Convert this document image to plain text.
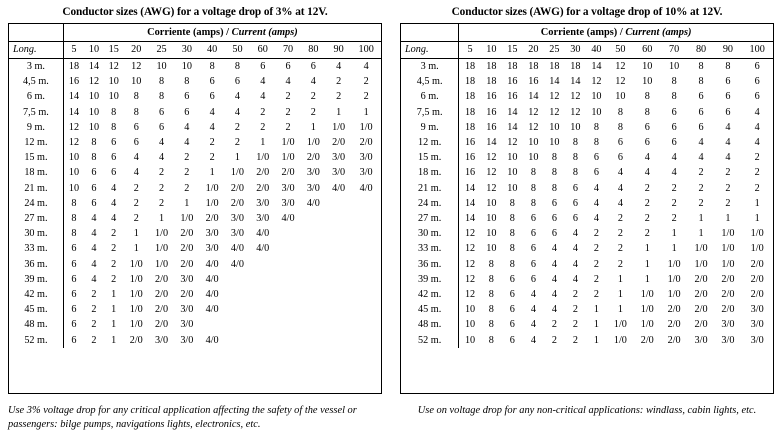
Conductor sizes (AWG) for a voltage drop of 3% at 12V.
	Corriente (amps) / Current (amps)												
Long.	5	10	15	20	25	30	40	50	60	70	80	90	100
3 m.	18	14	12	12	10	10	8	8	6	6	6	4	4
4,5 m.	16	12	10	10	8	8	6	6	4	4	4	2	2
6 m.	14	10	10	8	8	6	6	4	4	2	2	2	2
7,5 m.	14	10	8	8	6	6	4	4	2	2	2	1	1
9 m.	12	10	8	6	6	4	4	2	2	2	1	1/0	1/0
12 m.	12	8	6	6	4	4	2	2	1	1/0	1/0	2/0	2/0
15 m.	10	8	6	4	4	2	2	1	1/0	1/0	2/0	3/0	3/0
18 m.	10	6	6	4	2	2	1	1/0	2/0	2/0	3/0	3/0	3/0
21 m.	10	6	4	2	2	2	1/0	2/0	2/0	3/0	3/0	4/0	4/0
24 m.	8	6	4	2	2	1	1/0	2/0	3/0	3/0	4/0		
27 m.	8	4	4	2	1	1/0	2/0	3/0	3/0	4/0			
30 m.	8	4	2	1	1/0	2/0	3/0	3/0	4/0				
33 m.	6	4	2	1	1/0	2/0	3/0	4/0	4/0				
36 m.	6	4	2	1/0	1/0	2/0	4/0	4/0					
39 m.	6	4	2	1/0	2/0	3/0	4/0						
42 m.	6	2	1	1/0	2/0	2/0	4/0						
45 m.	6	2	1	1/0	2/0	3/0	4/0						
48 m.	6	2	1	1/0	2/0	3/0							
52 m.	6	2	1	2/0	3/0	3/0	4/0						
Use 3% voltage drop for any critical application affecting the safety of the vessel or passengers: bilge pumps, navigations lights, electronics, etc.
Conductor sizes (AWG) for a voltage drop of 10% at 12V.
	Corriente (amps) / Current (amps)												
Long.	5	10	15	20	25	30	40	50	60	70	80	90	100
3 m.	18	18	18	18	18	18	14	12	10	10	8	8	6
4,5 m.	18	18	16	16	14	14	12	12	10	8	8	6	6
6 m.	18	16	16	14	12	12	10	10	8	8	6	6	6
7,5 m.	18	16	14	12	12	12	10	8	8	6	6	6	4
9 m.	18	16	14	12	10	10	8	8	6	6	6	4	4
12 m.	16	14	12	10	10	8	8	6	6	6	4	4	4
15 m.	16	12	10	10	8	8	6	6	4	4	4	4	2
18 m.	16	12	10	8	8	8	6	4	4	4	2	2	2
21 m.	14	12	10	8	8	6	4	4	2	2	2	2	2
24 m.	14	10	8	8	6	6	4	4	2	2	2	2	1
27 m.	14	10	8	6	6	6	4	2	2	2	1	1	1
30 m.	12	10	8	6	6	4	2	2	2	1	1	1/0	1/0
33 m.	12	10	8	6	4	4	2	2	1	1	1/0	1/0	1/0
36 m.	12	8	8	6	4	4	2	2	1	1/0	1/0	1/0	2/0
39 m.	12	8	6	6	4	4	2	1	1	1/0	2/0	2/0	2/0
42 m.	12	8	6	4	4	2	2	1	1/0	1/0	2/0	2/0	2/0
45 m.	10	8	6	4	4	2	1	1	1/0	2/0	2/0	2/0	3/0
48 m.	10	8	6	4	2	2	1	1/0	1/0	2/0	2/0	3/0	3/0
52 m.	10	8	6	4	2	2	1	1/0	2/0	2/0	3/0	3/0	3/0
Use on voltage drop for any non-critical applications: windlass, cabin lights, etc.
